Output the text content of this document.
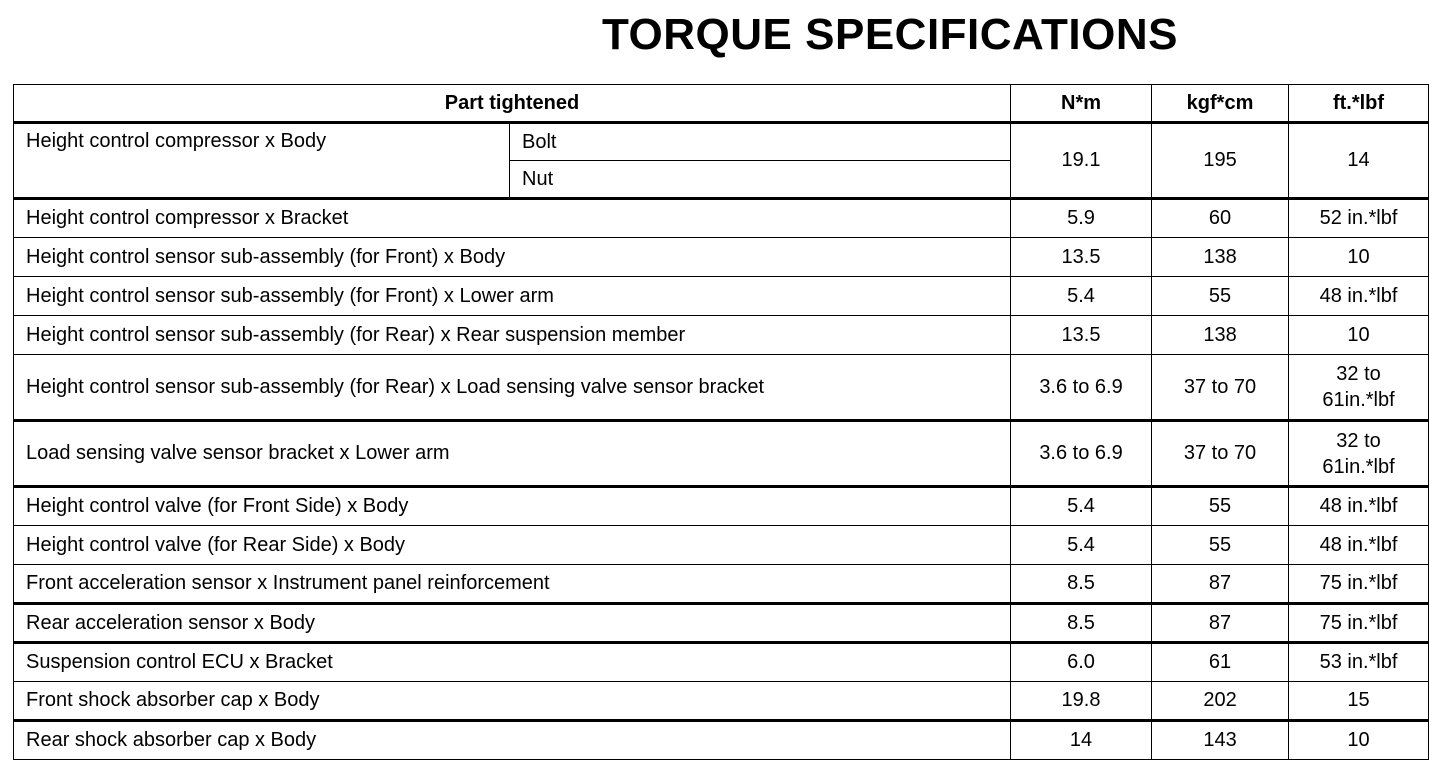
TORQUE SPECIFICATIONS
Part tightened		N*m	kgf*cm	ft.*lbf
Height control compressor x Body	Bolt	19.1	195	14
	Nut			
Height control compressor x Bracket		5.9	60	52 in.*lbf
Height control sensor sub-assembly (for Front) x Body		13.5	138	10
Height control sensor sub-assembly (for Front) x Lower arm		5.4	55	48 in.*lbf
Height control sensor sub-assembly (for Rear) x Rear suspension member		13.5	138	10
Height control sensor sub-assembly (for Rear) x Load sensing valve sensor bracket		3.6 to 6.9	37 to 70	32 to
61in.*lbf

Load sensing valve sensor bracket x Lower arm		3.6 to 6.9	37 to 70	32 to
61in.*lbf

Height control valve (for Front Side) x Body		5.4	55	48 in.*lbf
Height control valve (for Rear Side) x Body		5.4	55	48 in.*lbf
Front acceleration sensor x Instrument panel reinforcement		8.5	87	75 in.*lbf
Rear acceleration sensor x Body		8.5	87	75 in.*lbf
Suspension control ECU x Bracket		6.0	61	53 in.*lbf
Front shock absorber cap x Body		19.8	202	15
Rear shock absorber cap x Body		14	143	10
